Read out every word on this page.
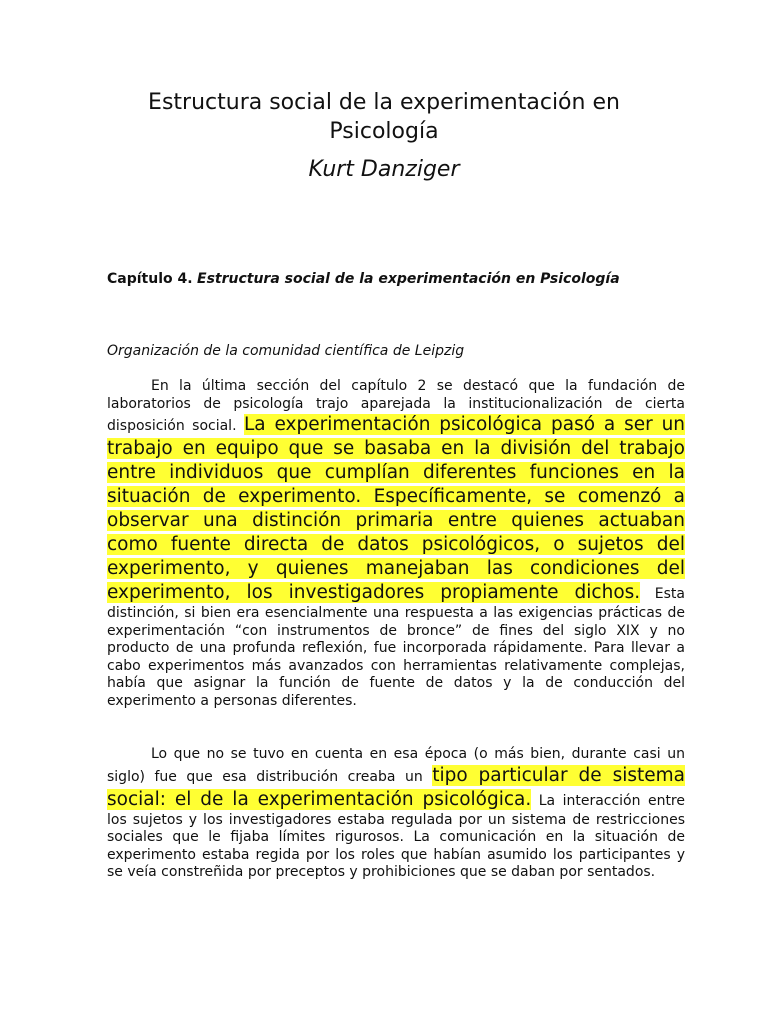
Estructura social de la experimentación en Psicología
Kurt Danziger
Capítulo 4. Estructura social de la experimentación en Psicología
Organización de la comunidad científica de Leipzig
En la última sección del capítulo 2 se destacó que la fundación de laboratorios de psicología trajo aparejada la institucionalización de cierta disposición social. La experimentación psicológica pasó a ser un trabajo en equipo que se basaba en la división del trabajo entre individuos que cumplían diferentes funciones en la situación de experimento. Específicamente, se comenzó a observar una distinción primaria entre quienes actuaban como fuente directa de datos psicológicos, o sujetos del experimento, y quienes manejaban las condiciones del experimento, los investigadores propiamente dichos. Esta distinción, si bien era esencialmente una respuesta a las exigencias prácticas de experimentación “con instrumentos de bronce” de fines del siglo XIX y no producto de una profunda reflexión, fue incorporada rápidamente. Para llevar a cabo experimentos más avanzados con herramientas relativamente complejas, había que asignar la función de fuente de datos y la de conducción del experimento a personas diferentes.
Lo que no se tuvo en cuenta en esa época (o más bien, durante casi un siglo) fue que esa distribución creaba un tipo particular de sistema social: el de la experimentación psicológica. La interacción entre los sujetos y los investigadores estaba regulada por un sistema de restricciones sociales que le fijaba límites rigurosos. La comunicación en la situación de experimento estaba regida por los roles que habían asumido los participantes y se veía constreñida por preceptos y prohibiciones que se daban por sentados.
